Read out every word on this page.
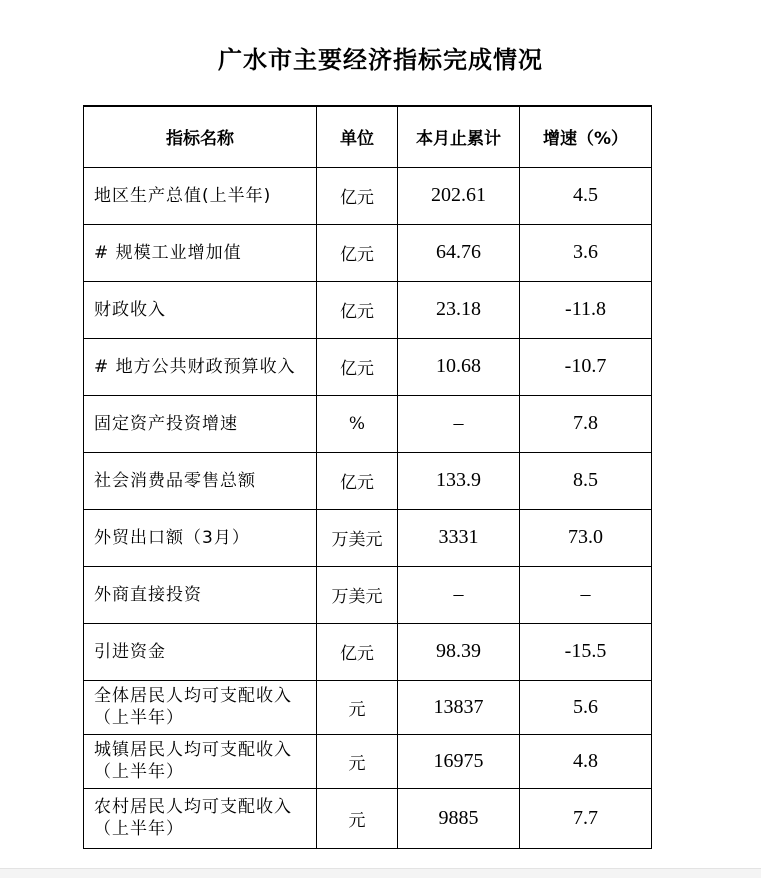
广水市主要经济指标完成情况
指标名称	单位	本月止累计	增速（%）

地区生产总值(上半年)	亿元	202.61	4.5

# 规模工业增加值	亿元	64.76	3.6

财政收入	亿元	23.18	-11.8

# 地方公共财政预算收入	亿元	10.68	-10.7

固定资产投资增速	%	–	7.8

社会消费品零售总额	亿元	133.9	8.5

外贸出口额（3月）	万美元	3331	73.0

外商直接投资	万美元	–	–

引进资金	亿元	98.39	-15.5

全体居民人均可支配收入
（上半年）	元	13837	5.6

城镇居民人均可支配收入
（上半年）	元	16975	4.8

农村居民人均可支配收入
（上半年）	元	9885	7.7
